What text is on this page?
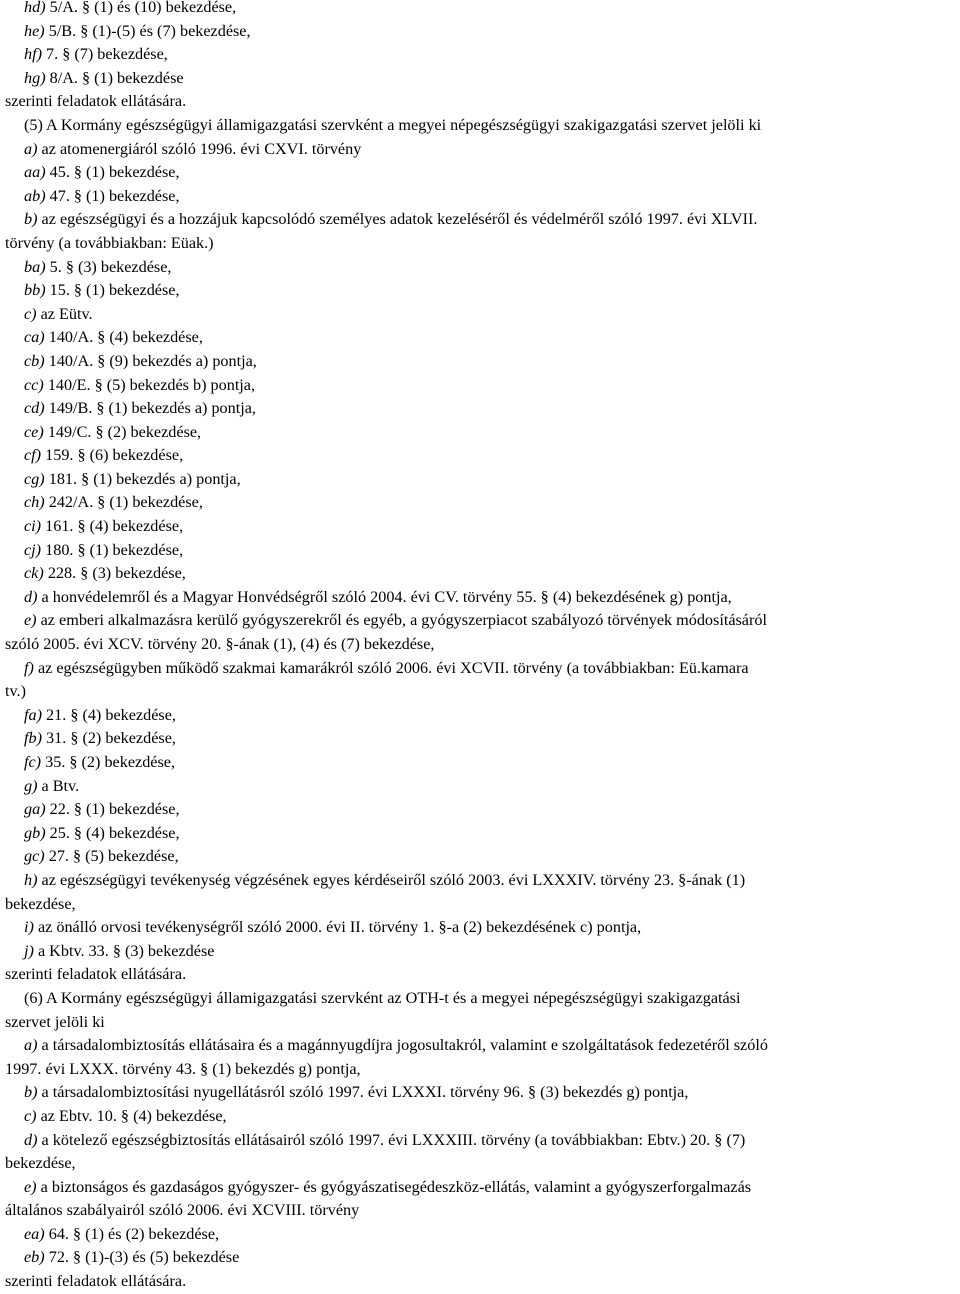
hd) 5/A. § (1) és (10) bekezdése,
he) 5/B. § (1)-(5) és (7) bekezdése,
hf) 7. § (7) bekezdése,
hg) 8/A. § (1) bekezdése
szerinti feladatok ellátására.
(5) A Kormány egészségügyi államigazgatási szervként a megyei népegészségügyi szakigazgatási szervet jelöli ki
a) az atomenergiáról szóló 1996. évi CXVI. törvény
aa) 45. § (1) bekezdése,
ab) 47. § (1) bekezdése,
b) az egészségügyi és a hozzájuk kapcsolódó személyes adatok kezeléséről és védelméről szóló 1997. évi XLVII.
törvény (a továbbiakban: Eüak.)
ba) 5. § (3) bekezdése,
bb) 15. § (1) bekezdése,
c) az Eütv.
ca) 140/A. § (4) bekezdése,
cb) 140/A. § (9) bekezdés a) pontja,
cc) 140/E. § (5) bekezdés b) pontja,
cd) 149/B. § (1) bekezdés a) pontja,
ce) 149/C. § (2) bekezdése,
cf) 159. § (6) bekezdése,
cg) 181. § (1) bekezdés a) pontja,
ch) 242/A. § (1) bekezdése,
ci) 161. § (4) bekezdése,
cj) 180. § (1) bekezdése,
ck) 228. § (3) bekezdése,
d) a honvédelemről és a Magyar Honvédségről szóló 2004. évi CV. törvény 55. § (4) bekezdésének g) pontja,
e) az emberi alkalmazásra kerülő gyógyszerekről és egyéb, a gyógyszerpiacot szabályozó törvények módosításáról
szóló 2005. évi XCV. törvény 20. §-ának (1), (4) és (7) bekezdése,
f) az egészségügyben működő szakmai kamarákról szóló 2006. évi XCVII. törvény (a továbbiakban: Eü.kamara
tv.)
fa) 21. § (4) bekezdése,
fb) 31. § (2) bekezdése,
fc) 35. § (2) bekezdése,
g) a Btv.
ga) 22. § (1) bekezdése,
gb) 25. § (4) bekezdése,
gc) 27. § (5) bekezdése,
h) az egészségügyi tevékenység végzésének egyes kérdéseiről szóló 2003. évi LXXXIV. törvény 23. §-ának (1)
bekezdése,
i) az önálló orvosi tevékenységről szóló 2000. évi II. törvény 1. §-a (2) bekezdésének c) pontja,
j) a Kbtv. 33. § (3) bekezdése
szerinti feladatok ellátására.
(6) A Kormány egészségügyi államigazgatási szervként az OTH-t és a megyei népegészségügyi szakigazgatási
szervet jelöli ki
a) a társadalombiztosítás ellátásaira és a magánnyugdíjra jogosultakról, valamint e szolgáltatások fedezetéről szóló
1997. évi LXXX. törvény 43. § (1) bekezdés g) pontja,
b) a társadalombiztosítási nyugellátásról szóló 1997. évi LXXXI. törvény 96. § (3) bekezdés g) pontja,
c) az Ebtv. 10. § (4) bekezdése,
d) a kötelező egészségbiztosítás ellátásairól szóló 1997. évi LXXXIII. törvény (a továbbiakban: Ebtv.) 20. § (7)
bekezdése,
e) a biztonságos és gazdaságos gyógyszer- és gyógyászatisegédeszköz-ellátás, valamint a gyógyszerforgalmazás
általános szabályairól szóló 2006. évi XCVIII. törvény
ea) 64. § (1) és (2) bekezdése,
eb) 72. § (1)-(3) és (5) bekezdése
szerinti feladatok ellátására.
